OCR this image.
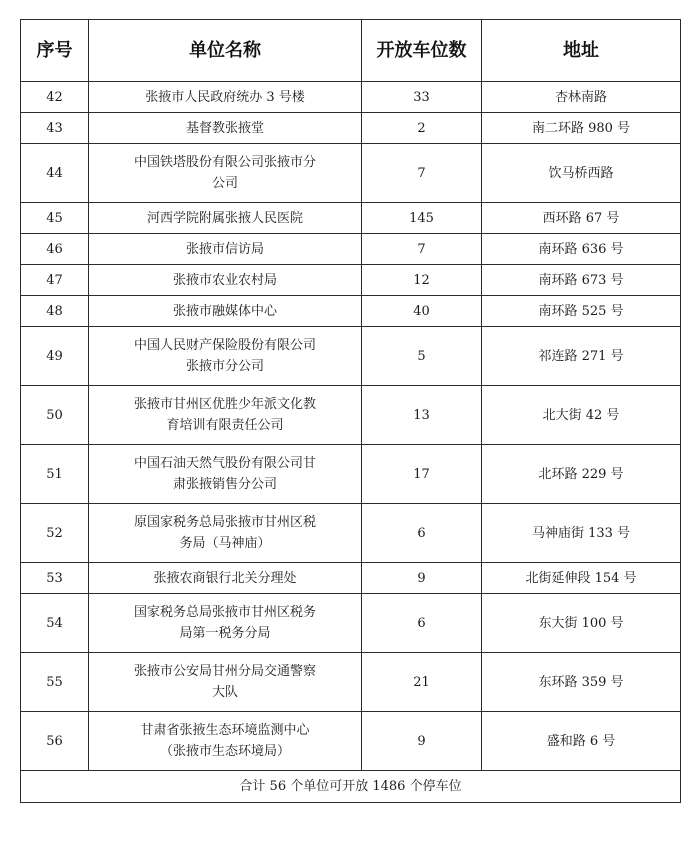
序号	单位名称	开放车位数	地址
42	张掖市人民政府统办 3 号楼	33	杏林南路
43	基督教张掖堂	2	南二环路 980 号
44	中国铁塔股份有限公司张掖市分公司	7	饮马桥西路
45	河西学院附属张掖人民医院	145	西环路 67 号
46	张掖市信访局	7	南环路 636 号
47	张掖市农业农村局	12	南环路 673 号
48	张掖市融媒体中心	40	南环路 525 号
49	中国人民财产保险股份有限公司张掖市分公司	5	祁连路 271 号
50	张掖市甘州区优胜少年派文化教育培训有限责任公司	13	北大街 42 号
51	中国石油天然气股份有限公司甘肃张掖销售分公司	17	北环路 229 号
52	原国家税务总局张掖市甘州区税务局（马神庙）	6	马神庙街 133 号
53	张掖农商银行北关分理处	9	北街延伸段 154 号
54	国家税务总局张掖市甘州区税务局第一税务分局	6	东大街 100 号
55	张掖市公安局甘州分局交通警察大队	21	东环路 359 号
56	甘肃省张掖生态环境监测中心（张掖市生态环境局）	9	盛和路 6 号
合计 56 个单位可开放 1486 个停车位			
